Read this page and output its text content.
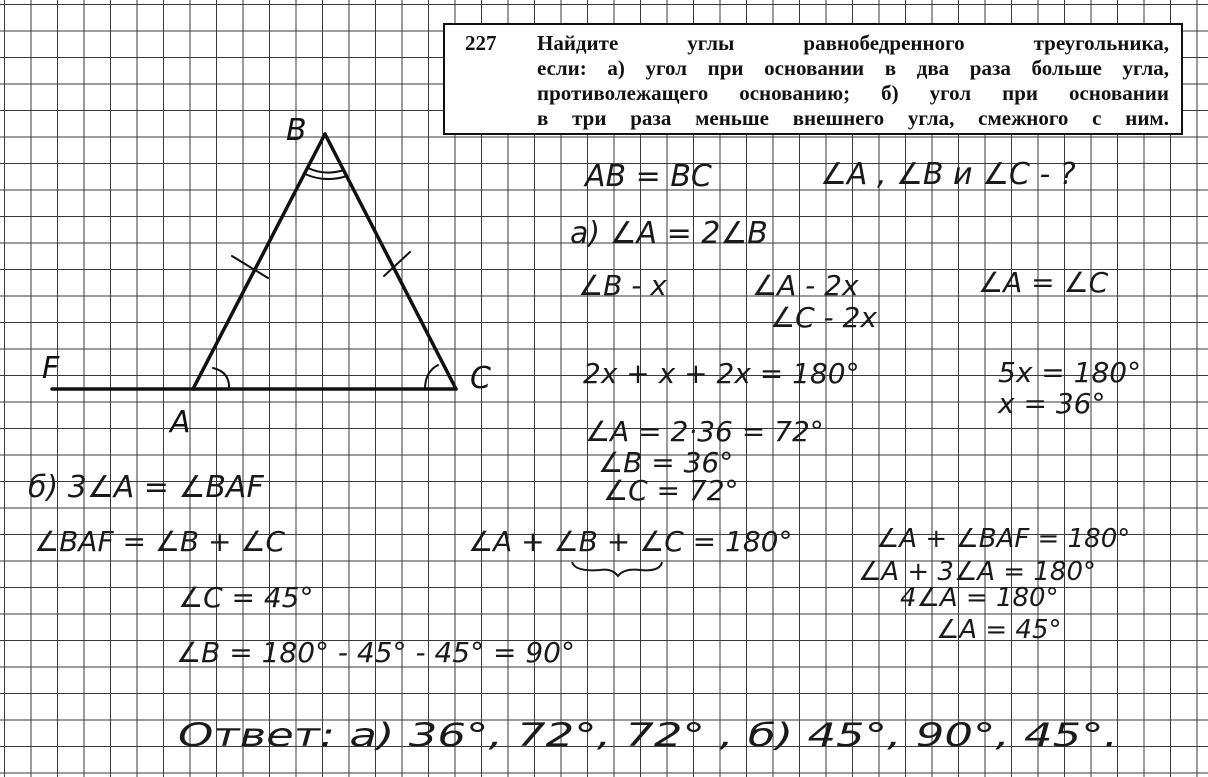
227	Найдите углы равнобедренного треугольника,
если: а) угол при основании в два раза больше угла,
противолежащего основанию; б) угол при основании
в три раза меньше внешнего угла, смежного с ним.
B
A
C
F
AB = BC	∠A , ∠B и ∠C - ?
а) ∠A = 2∠B
∠B - x	∠A - 2x	∠A = ∠C
∠C - 2x
2x + x + 2x = 180°	5x = 180°
x = 36°
∠A = 2·36 = 72°
∠B = 36°
∠C = 72°
б) 3∠A = ∠BAF
∠BAF = ∠B + ∠C	∠A + ∠B + ∠C = 180°
∠C = 45°
∠B = 180° - 45° - 45° = 90°
∠A + ∠BAF = 180°
∠A + 3∠A = 180°
4∠A = 180°
∠A = 45°
Ответ: а) 36°, 72°, 72° , б) 45°, 90°, 45°.
